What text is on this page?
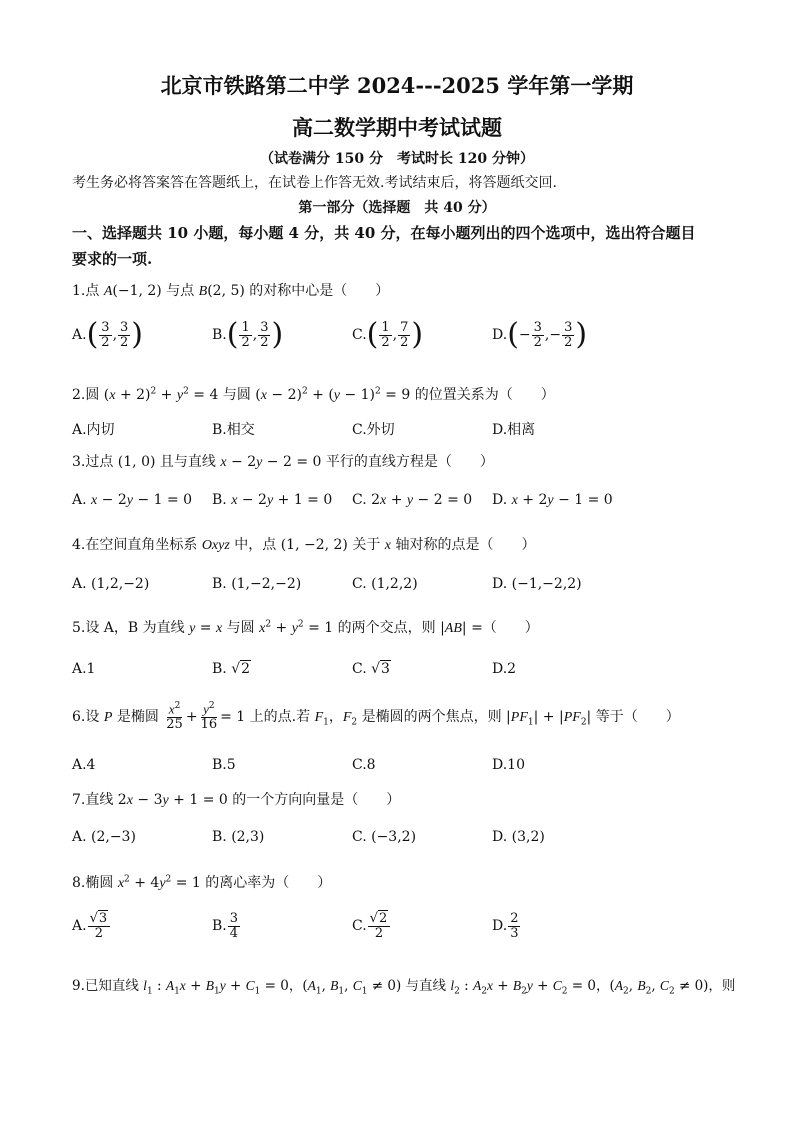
北京市铁路第二中学 2024---2025 学年第一学期
高二数学期中考试试题
（试卷满分 150 分　考试时长 120 分钟）
考生务必将答案答在答题纸上，在试卷上作答无效.考试结束后，将答题纸交回.
第一部分（选择题　共 40 分）
一、选择题共 10 小题，每小题 4 分，共 40 分，在每小题列出的四个选项中，选出符合题目
要求的一项.
1.点 A(−1, 2) 与点 B(2, 5) 的对称中心是（　　）
$A.( \frac{3}{2}$ , $\frac{3}{2}$ )	$B.( \frac{1}{2}$ , $\frac{3}{2}$ )	$C.( \frac{1}{2}$ , $\frac{7}{2}$ )	$D.(- \frac{3}{2}$ ,− $\frac{3}{2}$ )
2.圆 $(x + 2)^2 + y^2 = 4$ 与圆 $(x - 2)^2 + (y - 1)^2 = 9$ 的位置关系为（　　）
A.内切	B.相交	C.外切	D.相离
3.过点 (1, 0) 且与直线 x − 2y − 2 = 0 平行的直线方程是（　　）
A. x − 2y − 1 = 0 B. x − 2y + 1 = 0 C. 2x + y − 2 = 0 D. x + 2y − 1 = 0
4.在空间直角坐标系 Oxyz 中，点 (1, −2, 2) 关于 x 轴对称的点是（　　）
A. (1,2,−2)	B. (1,−2,−2)	C. (1,2,2)	D. (−1,−2,2)
5.设 A，B 为直线 y = x 与圆 $x^2 + y^2 = 1$ 的两个交点，则 |AB| =（　　）
A.1	B. √2	C. √3	D.2
6.设 P 是椭圆 $\frac{x^2}{25} + \frac{y^2}{16} = 1$ 上的点.若 $F_1$，$F_2$ 是椭圆的两个焦点，则 $|PF_1| + |PF_2|$ 等于（　　）
A.4	B.5	C.8	D.10
7.直线 2x − 3y + 1 = 0 的一个方向向量是（　　）
A. (2,−3)	B. (2,3)	C. (−3,2)	D. (3,2)
8.椭圆 $x^2 + 4y^2 = 1$ 的离心率为（　　）
A. $\frac{√3}{2}$	B. $\frac{3}{4}$	C. $\frac{√2}{2}$	D. $\frac{2}{3}$
9.已知直线 $l_1$ : $A_1x + B_1y + C_1 = 0$，($A_1$, $B_1$, $C_1 \ne 0$) 与直线 $l_2$ : $A_2x + B_2y + C_2 = 0$，($A_2$, $B_2$, $C_2 \ne 0$)，则
